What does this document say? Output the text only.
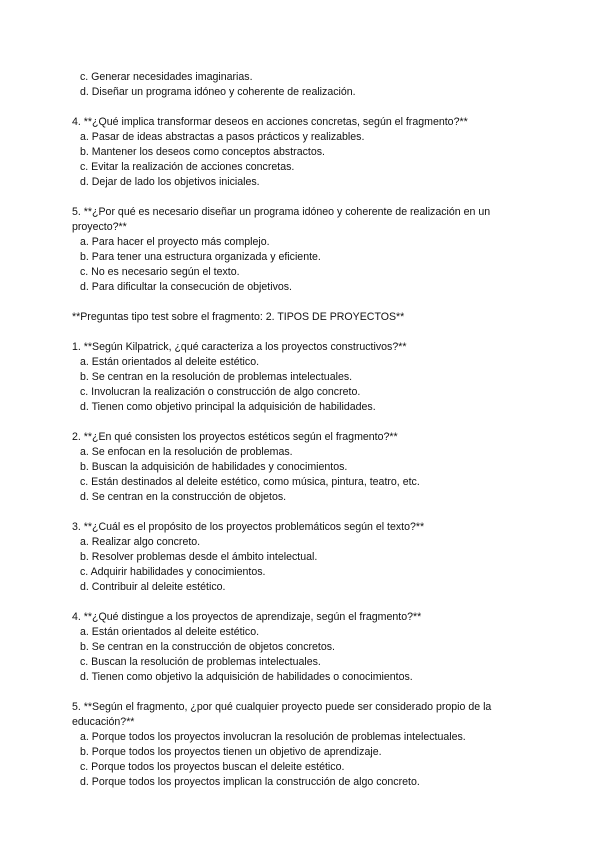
c. Generar necesidades imaginarias.
d. Diseñar un programa idóneo y coherente de realización.

4. **¿Qué implica transformar deseos en acciones concretas, según el fragmento?**

a. Pasar de ideas abstractas a pasos prácticos y realizables.
b. Mantener los deseos como conceptos abstractos.
c. Evitar la realización de acciones concretas.
d. Dejar de lado los objetivos iniciales.

5. **¿Por qué es necesario diseñar un programa idóneo y coherente de realización en un proyecto?**

a. Para hacer el proyecto más complejo.
b. Para tener una estructura organizada y eficiente.
c. No es necesario según el texto.
d. Para dificultar la consecución de objetivos.

**Preguntas tipo test sobre el fragmento: 2. TIPOS DE PROYECTOS**

1. **Según Kilpatrick, ¿qué caracteriza a los proyectos constructivos?**

a. Están orientados al deleite estético.
b. Se centran en la resolución de problemas intelectuales.
c. Involucran la realización o construcción de algo concreto.
d. Tienen como objetivo principal la adquisición de habilidades.

2. **¿En qué consisten los proyectos estéticos según el fragmento?**

a. Se enfocan en la resolución de problemas.
b. Buscan la adquisición de habilidades y conocimientos.
c. Están destinados al deleite estético, como música, pintura, teatro, etc.
d. Se centran en la construcción de objetos.

3. **¿Cuál es el propósito de los proyectos problemáticos según el texto?**

a. Realizar algo concreto.
b. Resolver problemas desde el ámbito intelectual.
c. Adquirir habilidades y conocimientos.
d. Contribuir al deleite estético.

4. **¿Qué distingue a los proyectos de aprendizaje, según el fragmento?**

a. Están orientados al deleite estético.
b. Se centran en la construcción de objetos concretos.
c. Buscan la resolución de problemas intelectuales.
d. Tienen como objetivo la adquisición de habilidades o conocimientos.

5. **Según el fragmento, ¿por qué cualquier proyecto puede ser considerado propio de la educación?**

a. Porque todos los proyectos involucran la resolución de problemas intelectuales.
b. Porque todos los proyectos tienen un objetivo de aprendizaje.
c. Porque todos los proyectos buscan el deleite estético.
d. Porque todos los proyectos implican la construcción de algo concreto.
